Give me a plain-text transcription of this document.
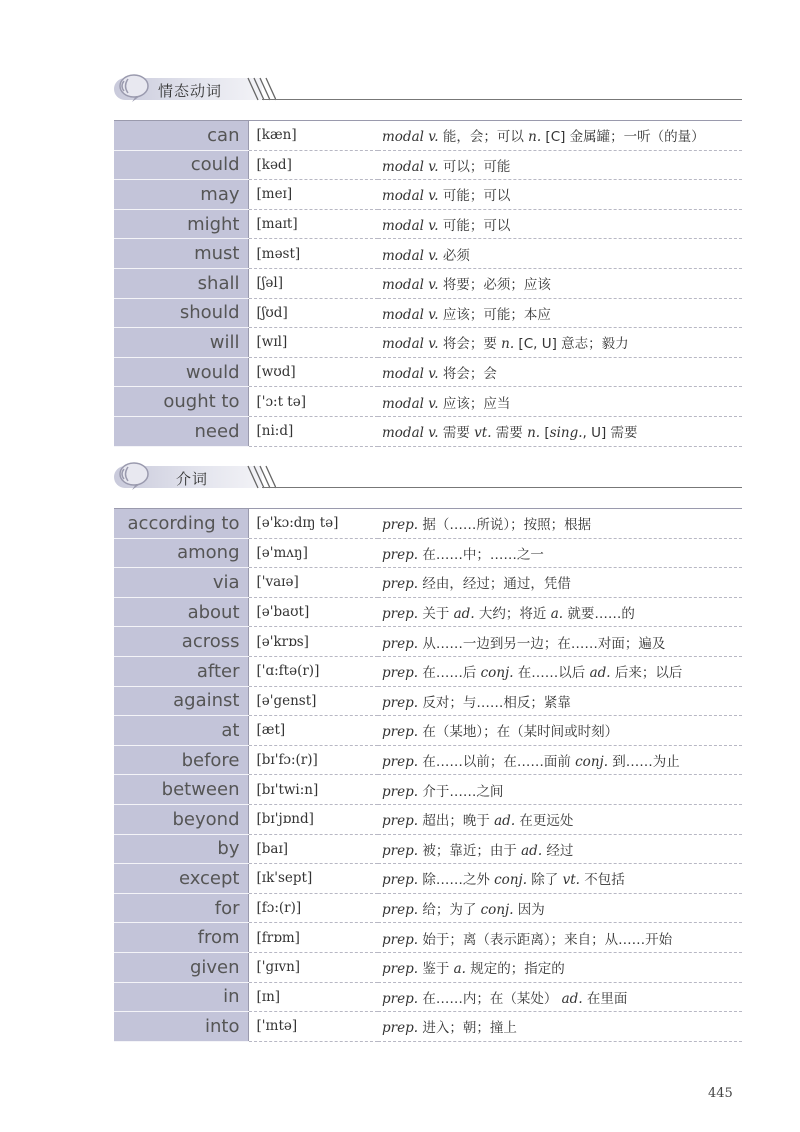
情态动词
can	[kæn]	modal v. 能，会；可以 n. [C] 金属罐；一听（的量）
could	[kəd]	modal v. 可以；可能
may	[meɪ]	modal v. 可能；可以
might	[maɪt]	modal v. 可能；可以
must	[məst]	modal v. 必须
shall	[ʃəl]	modal v. 将要；必须；应该
should	[ʃʊd]	modal v. 应该；可能；本应
will	[wɪl]	modal v. 将会；要 n. [C, U] 意志；毅力
would	[wʊd]	modal v. 将会；会
ought to	['ɔ:t tə]	modal v. 应该；应当
need	[ni:d]	modal v. 需要 vt. 需要 n. [sing., U] 需要
介词
according to	[ə'kɔ:dɪŋ tə]	prep. 据（……所说）；按照；根据
among	[ə'mʌŋ]	prep. 在……中；……之一
via	['vaɪə]	prep. 经由，经过；通过，凭借
about	[ə'baʊt]	prep. 关于 ad. 大约；将近 a. 就要……的
across	[ə'krɒs]	prep. 从……一边到另一边；在……对面；遍及
after	['ɑ:ftə(r)]	prep. 在……后 conj. 在……以后 ad. 后来；以后
against	[ə'genst]	prep. 反对；与……相反；紧靠
at	[æt]	prep. 在（某地）；在（某时间或时刻）
before	[bɪ'fɔ:(r)]	prep. 在……以前；在……面前 conj. 到……为止
between	[bɪ'twi:n]	prep. 介于……之间
beyond	[bɪ'jɒnd]	prep. 超出；晚于 ad. 在更远处
by	[baɪ]	prep. 被；靠近；由于 ad. 经过
except	[ɪk'sept]	prep. 除……之外 conj. 除了 vt. 不包括
for	[fɔ:(r)]	prep. 给；为了 conj. 因为
from	[frɒm]	prep. 始于；离（表示距离）；来自；从……开始
given	['gɪvn]	prep. 鉴于 a. 规定的；指定的
in	[ɪn]	prep. 在……内；在（某处） ad. 在里面
into	['ɪntə]	prep. 进入；朝；撞上
445
